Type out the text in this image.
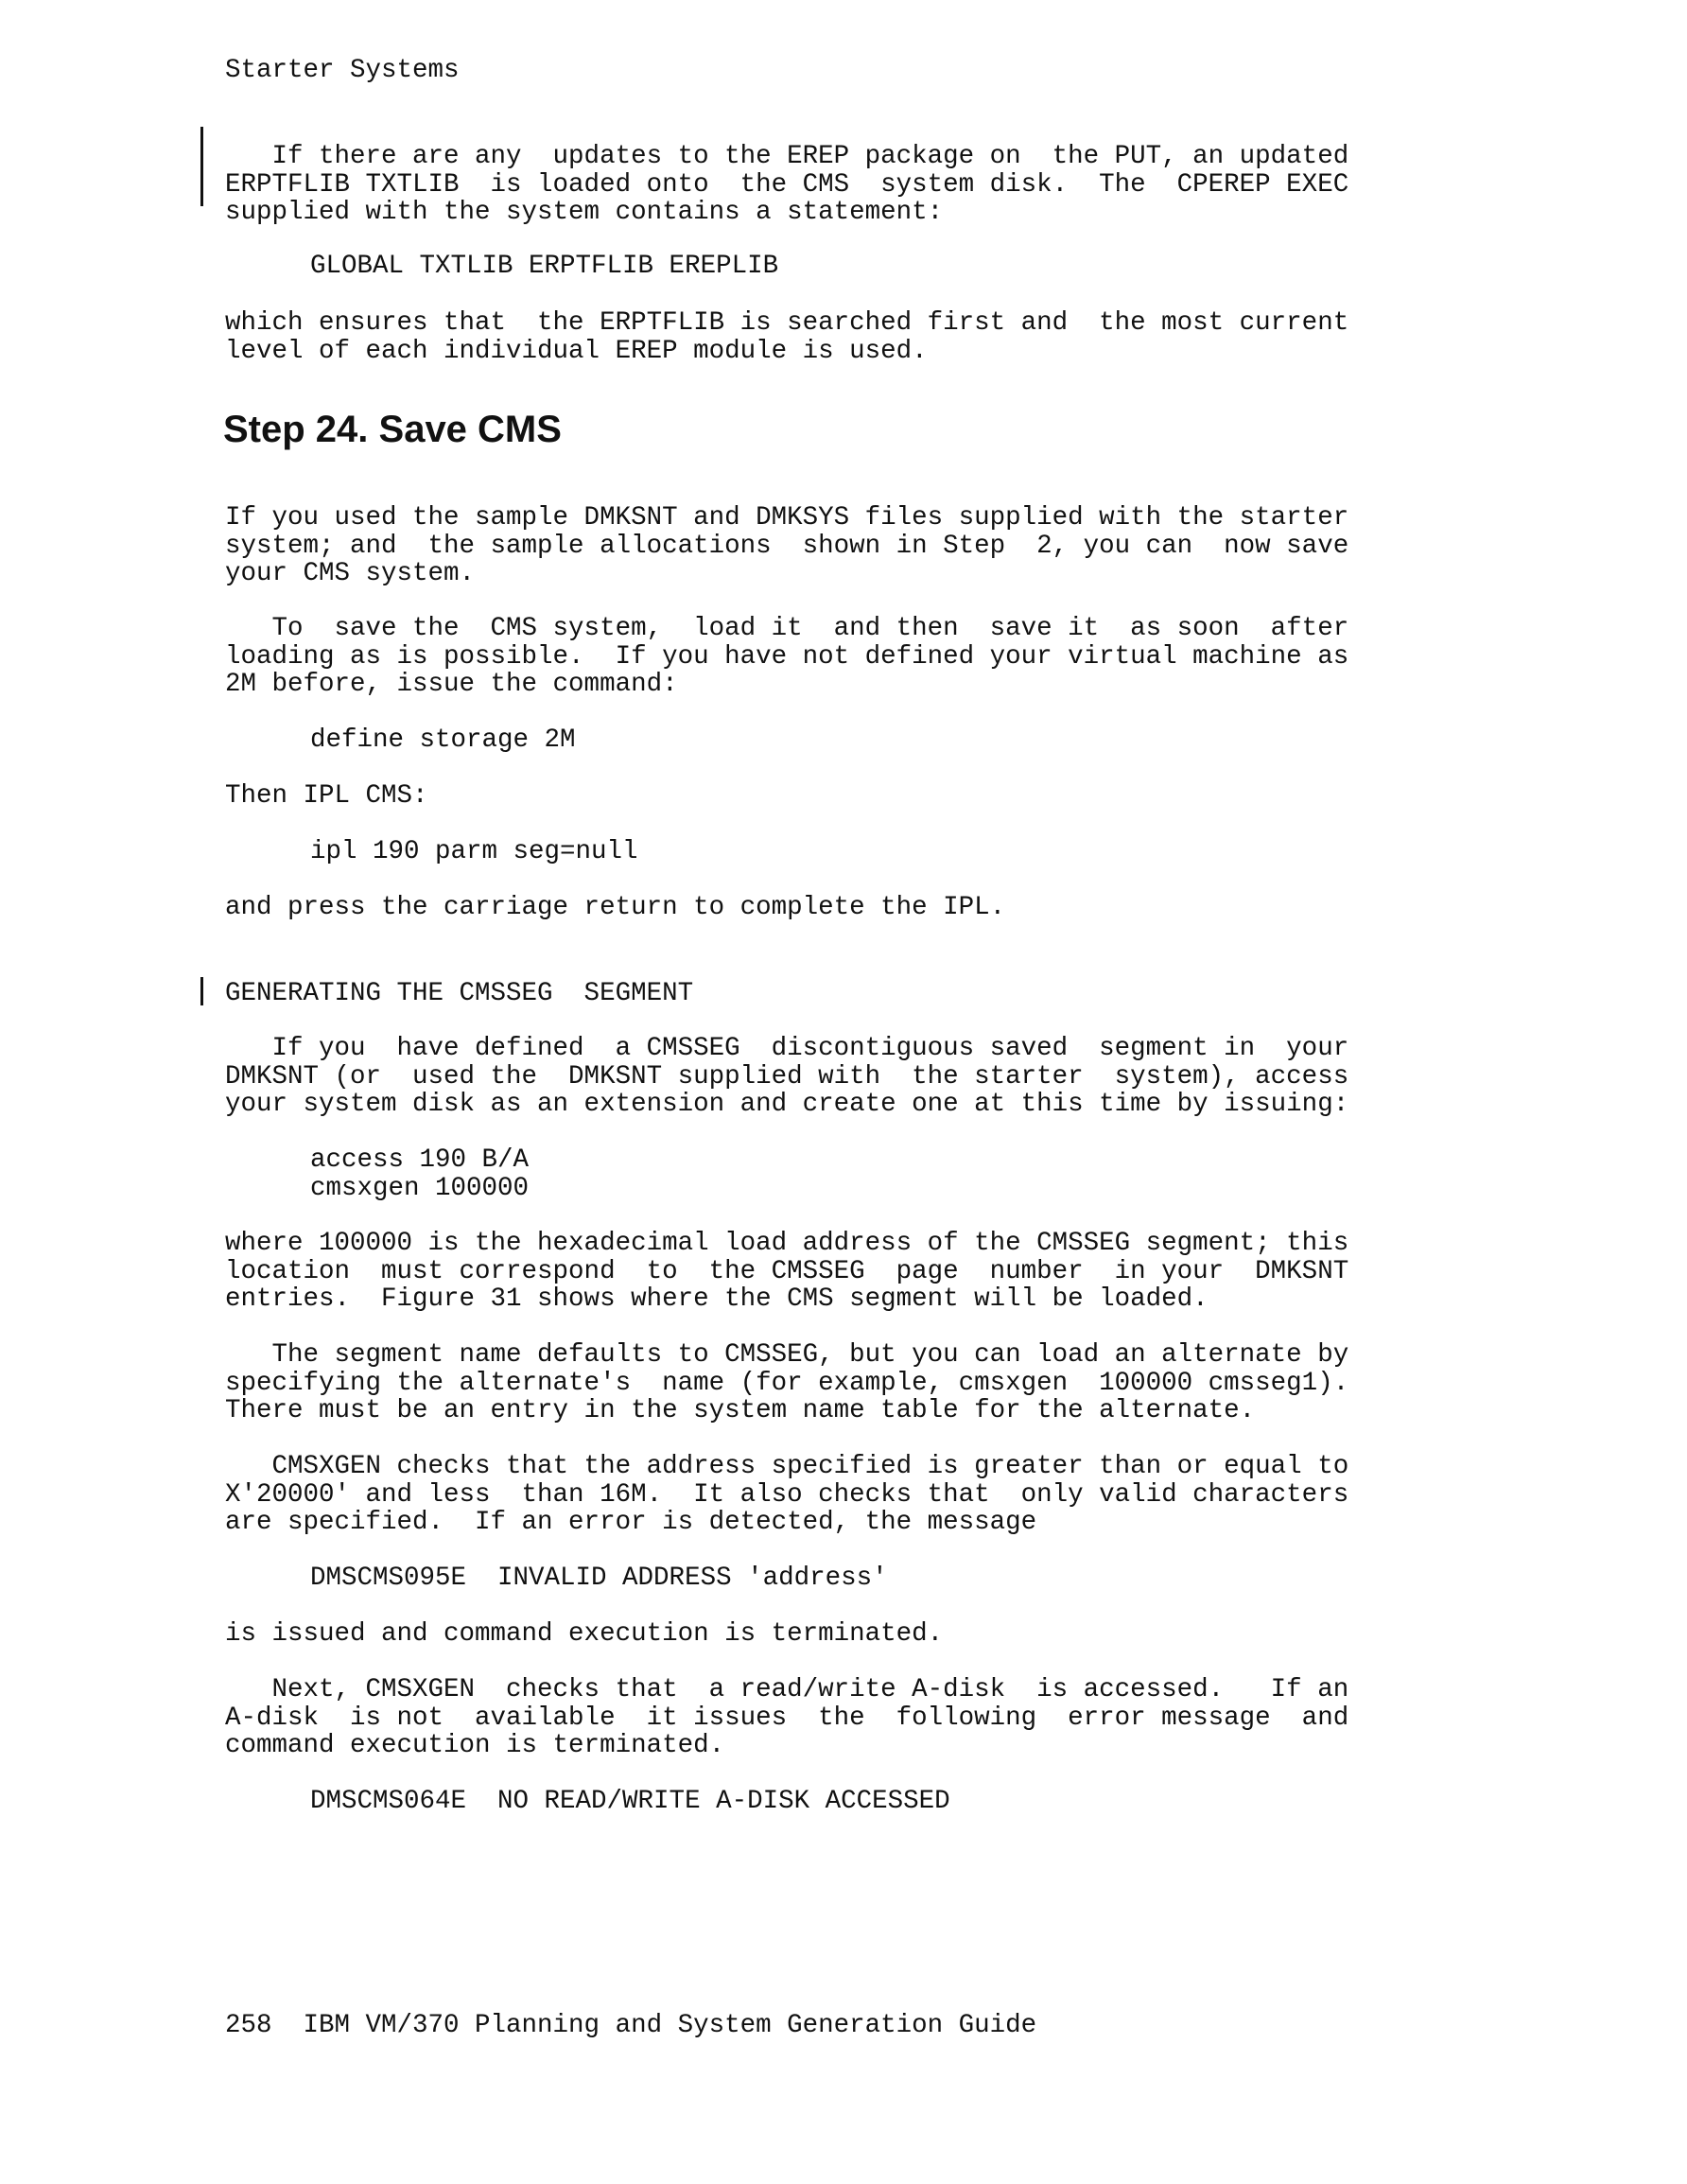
Starter Systems
If there are any  updates to the EREP package on  the PUT, an updated
ERPTFLIB TXTLIB  is loaded onto  the CMS  system disk.  The  CPEREP EXEC
supplied with the system contains a statement:
GLOBAL TXTLIB ERPTFLIB EREPLIB
which ensures that  the ERPTFLIB is searched first and  the most current
level of each individual EREP module is used.
Step 24. Save CMS
If you used the sample DMKSNT and DMKSYS files supplied with the starter
system; and  the sample allocations  shown in Step  2, you can  now save
your CMS system.
To  save the  CMS system,  load it  and then  save it  as soon  after
loading as is possible.  If you have not defined your virtual machine as
2M before, issue the command:
define storage 2M
Then IPL CMS:
ipl 190 parm seg=null
and press the carriage return to complete the IPL.
GENERATING THE CMSSEG  SEGMENT
If you  have defined  a CMSSEG  discontiguous saved  segment in  your
DMKSNT (or  used the  DMKSNT supplied with  the starter  system), access
your system disk as an extension and create one at this time by issuing:
access 190 B/A
cmsxgen 100000
where 100000 is the hexadecimal load address of the CMSSEG segment; this
location  must correspond  to  the CMSSEG  page  number  in your  DMKSNT
entries.  Figure 31 shows where the CMS segment will be loaded.
The segment name defaults to CMSSEG, but you can load an alternate by
specifying the alternate's  name (for example, cmsxgen  100000 cmsseg1).
There must be an entry in the system name table for the alternate.
CMSXGEN checks that the address specified is greater than or equal to
X'20000' and less  than 16M.  It also checks that  only valid characters
are specified.  If an error is detected, the message
DMSCMS095E  INVALID ADDRESS 'address'
is issued and command execution is terminated.
Next, CMSXGEN  checks that  a read/write A-disk  is accessed.   If an
A-disk  is not  available  it issues  the  following  error message  and
command execution is terminated.
DMSCMS064E  NO READ/WRITE A-DISK ACCESSED
258  IBM VM/370 Planning and System Generation Guide
